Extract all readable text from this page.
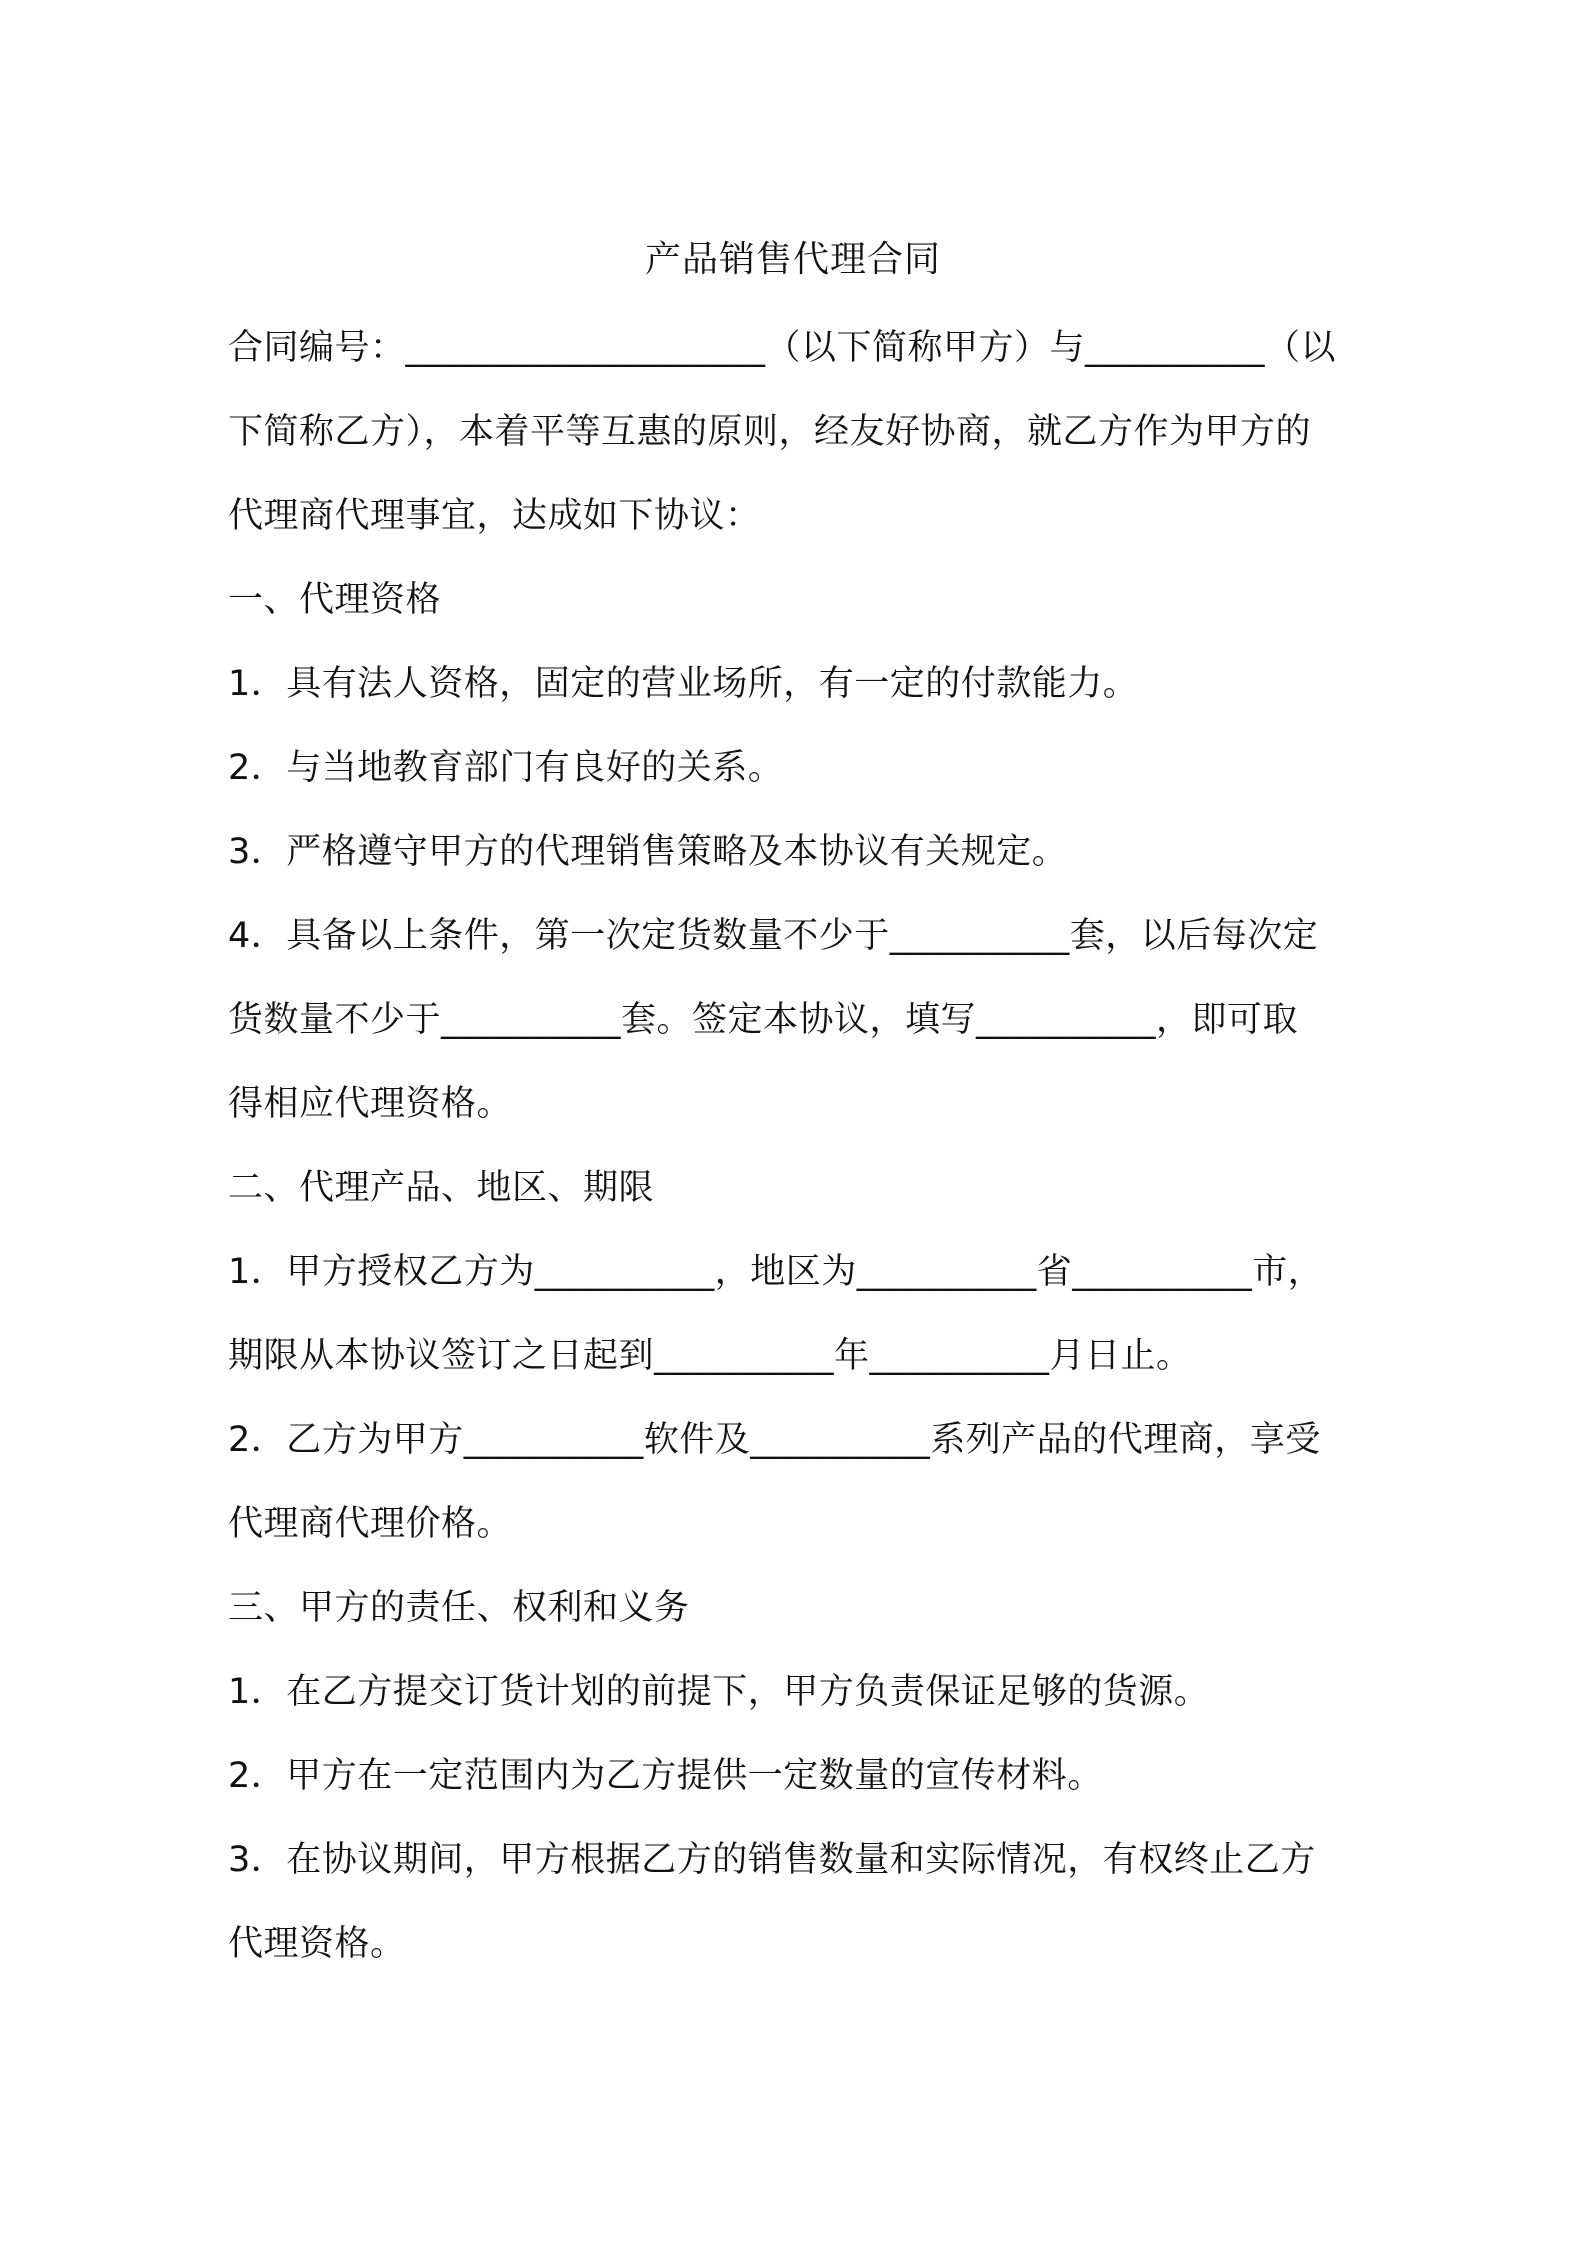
产品销售代理合同
合同编号：____________________（以下简称甲方）与__________（以
下简称乙方），本着平等互惠的原则，经友好协商，就乙方作为甲方的
代理商代理事宜，达成如下协议：
一、代理资格
1．具有法人资格，固定的营业场所，有一定的付款能力。
2．与当地教育部门有良好的关系。
3．严格遵守甲方的代理销售策略及本协议有关规定。
4．具备以上条件，第一次定货数量不少于__________套，以后每次定
货数量不少于__________套。签定本协议，填写__________，即可取
得相应代理资格。
二、代理产品、地区、期限
1．甲方授权乙方为__________，地区为__________省__________市，
期限从本协议签订之日起到__________年__________月日止。
2．乙方为甲方__________软件及__________系列产品的代理商，享受
代理商代理价格。
三、甲方的责任、权利和义务
1．在乙方提交订货计划的前提下，甲方负责保证足够的货源。
2．甲方在一定范围内为乙方提供一定数量的宣传材料。
3．在协议期间，甲方根据乙方的销售数量和实际情况，有权终止乙方
代理资格。
